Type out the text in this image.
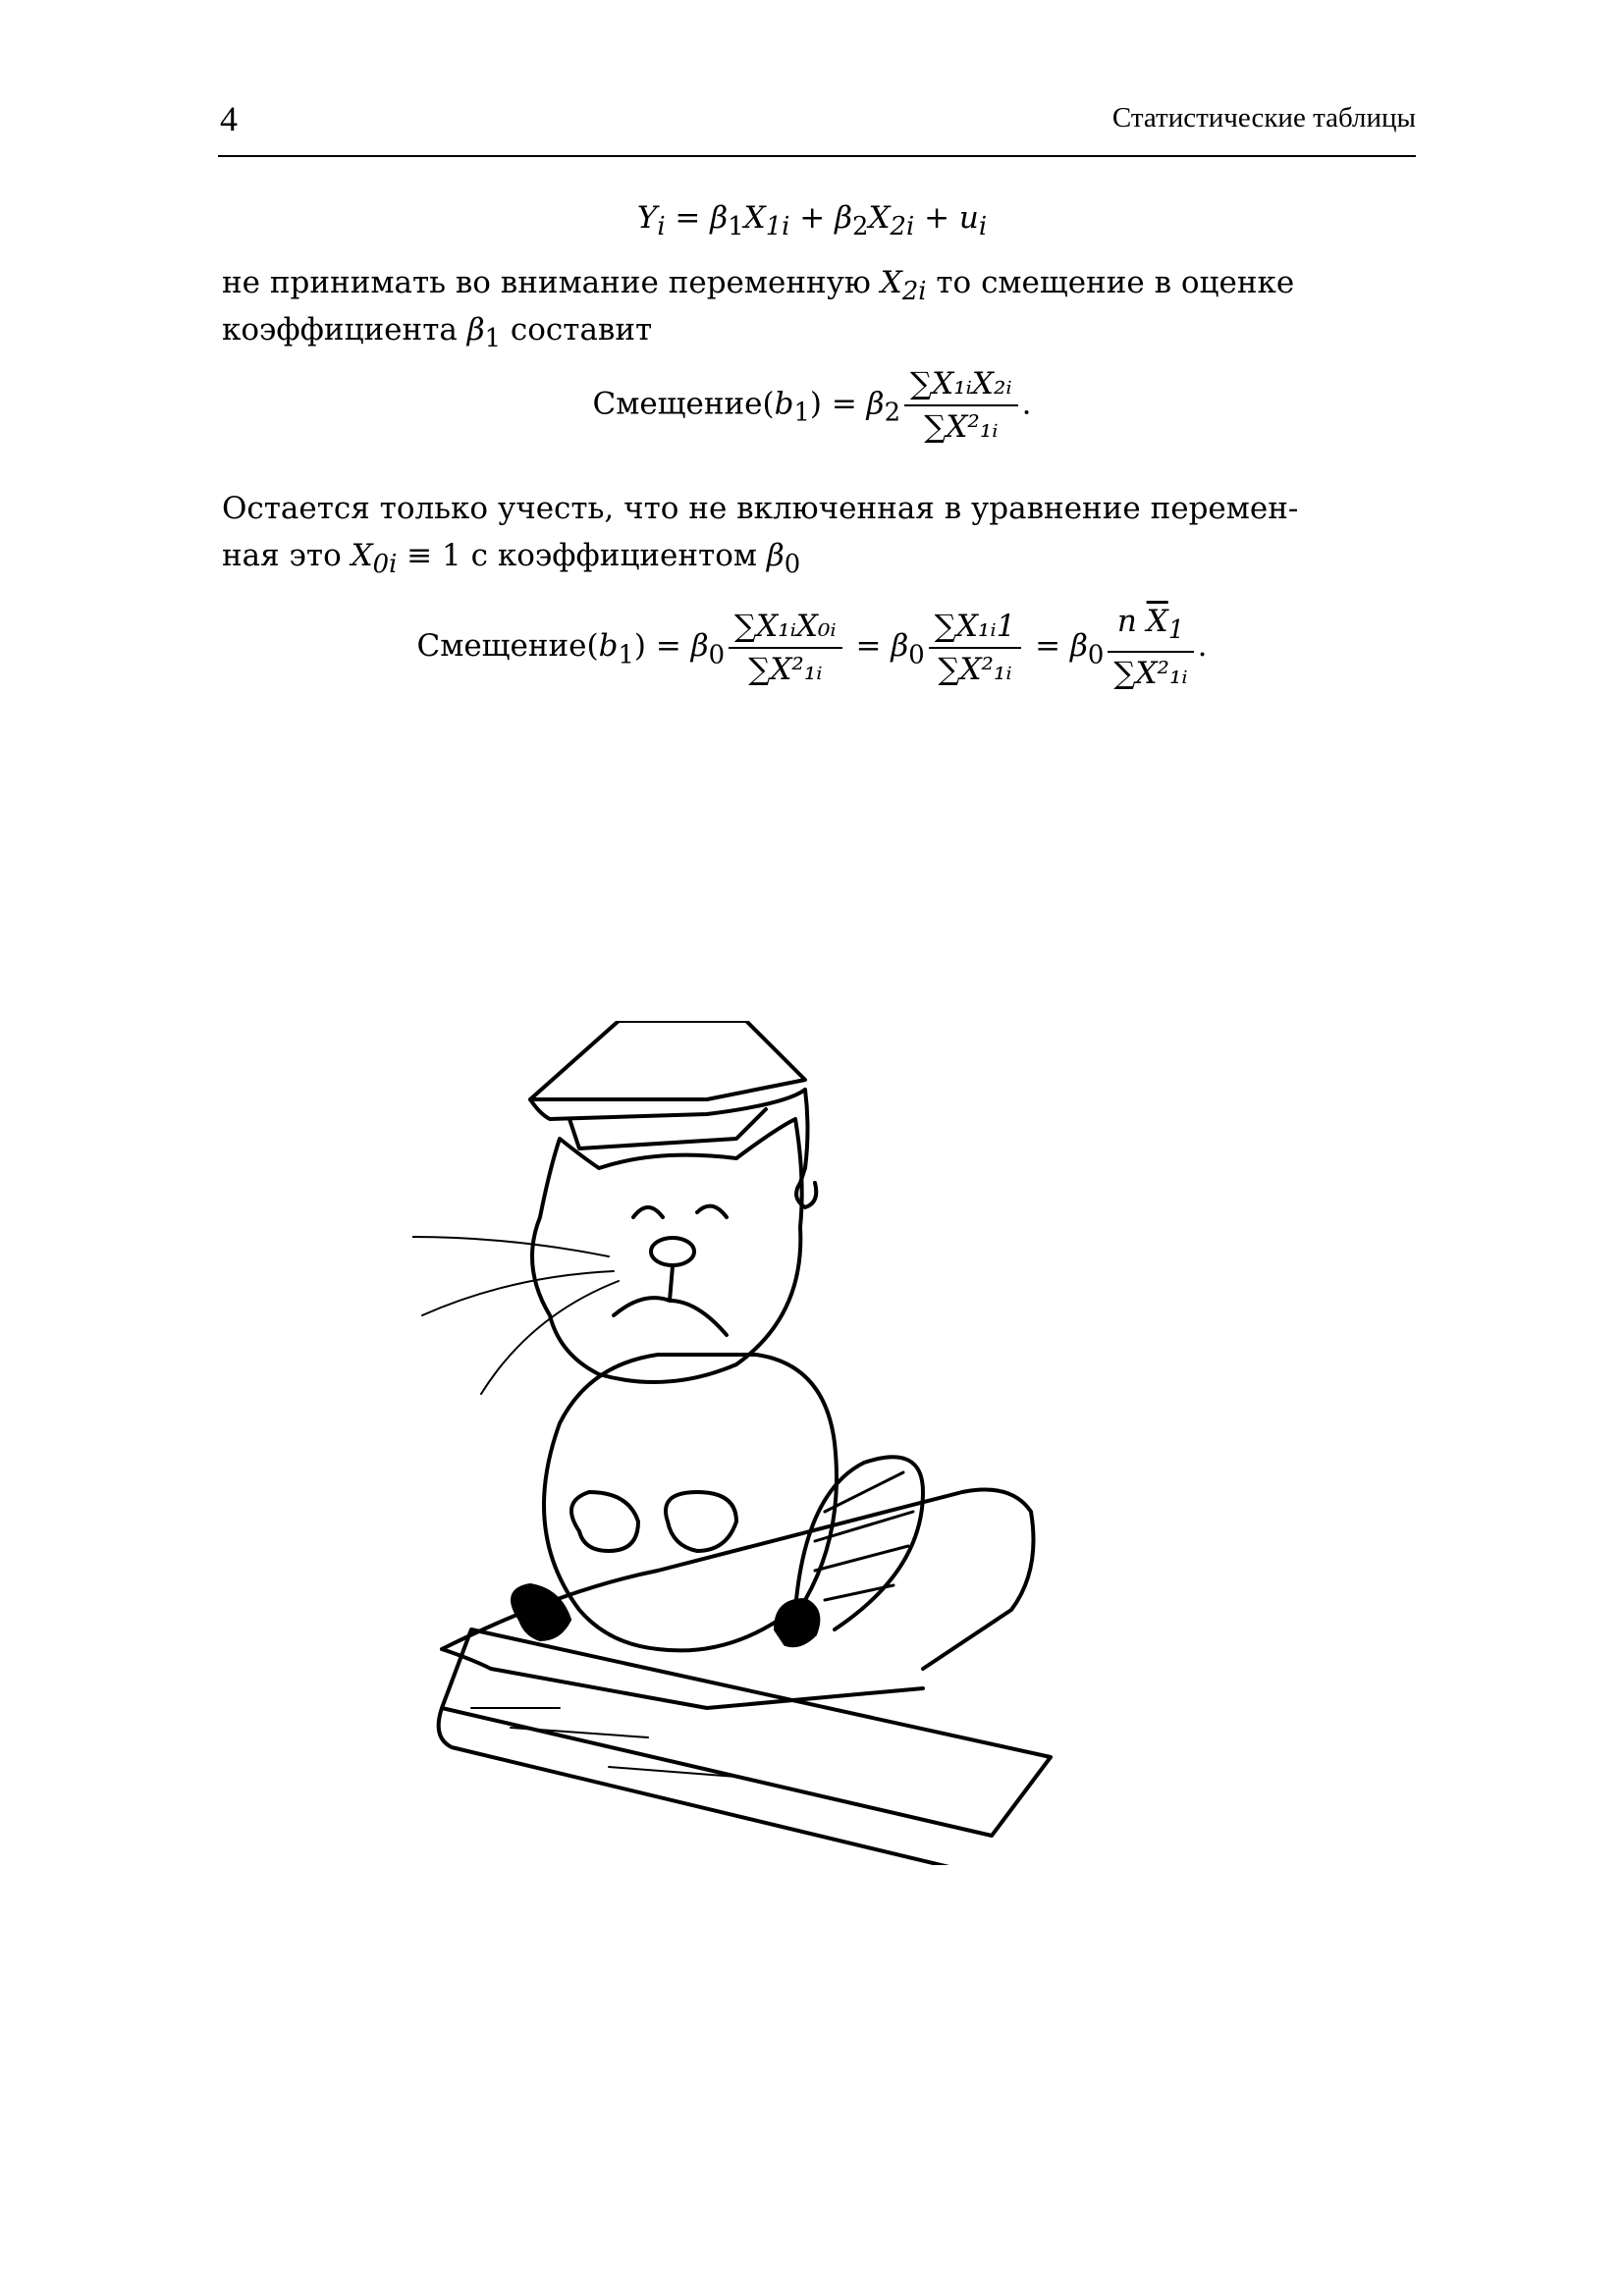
4	Статистические таблицы
$Y_i = \beta_1X_{1i} + \beta_2X_{2i} + u_i$
не принимать во внимание переменную $X_{2i}$ то смещение в оценке
коэффициента $\beta_1$ составит
$Смещение(b_1) = \beta_2 \frac{\text{∑X₁ᵢX₂ᵢ}}{\text{∑X²₁ᵢ}}$ .
Остается только учесть, что не включенная в уравнение перемен-
ная это $X_{0i} \equiv 1$ с коэффициентом $\beta_0$
$Смещение(b_1) = \beta_0 \frac{\text{∑X₁ᵢX₀ᵢ}}{\text{∑X²₁ᵢ}} = \beta_0 \frac{\text{∑X₁ᵢ1}}{\text{∑X²₁ᵢ}} = \beta_0 \frac{n \overline{X}_1}{\text{∑X²₁ᵢ}}$ .
